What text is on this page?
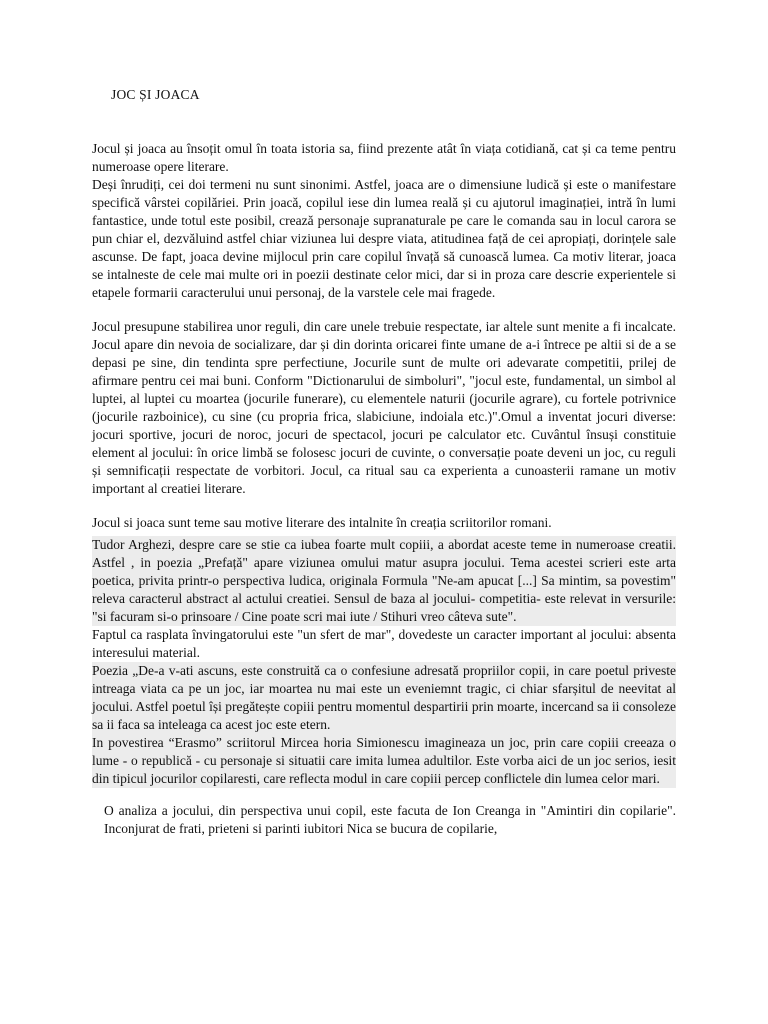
JOC ȘI JOACA

Jocul și joaca au însoțit omul în toata istoria sa, fiind prezente atât în viața cotidiană, cat și ca teme pentru numeroase opere literare.

Deși înrudiți, cei doi termeni nu sunt sinonimi. Astfel, joaca are o dimensiune ludică și este o manifestare specifică vârstei copilăriei. Prin joacă, copilul iese din lumea reală și cu ajutorul imaginației, intră în lumi fantastice, unde totul este posibil, crează personaje supranaturale pe care le comanda sau in locul carora se pun chiar el, dezvăluind astfel chiar viziunea lui despre viata, atitudinea față de cei apropiați, dorințele sale ascunse. De fapt, joaca devine mijlocul prin care copilul învață să cunoască lumea. Ca motiv literar, joaca se intalneste de cele mai multe ori in poezii destinate celor mici, dar si in proza care descrie experientele si etapele formarii caracterului unui personaj, de la varstele cele mai fragede.

Jocul presupune stabilirea unor reguli, din care unele trebuie respectate, iar altele sunt menite a fi incalcate. Jocul apare din nevoia de socializare, dar și din dorinta oricarei finte umane de a-i întrece pe altii si de a se depasi pe sine, din tendinta spre perfectiune, Jocurile sunt de multe ori adevarate competitii, prilej de afirmare pentru cei mai buni. Conform "Dictionarului de simboluri", "jocul este, fundamental, un simbol al luptei, al luptei cu moartea (jocurile funerare), cu elementele naturii (jocurile agrare), cu fortele potrivnice (jocurile razboinice), cu sine (cu propria frica, slabiciune, indoiala etc.)".Omul a inventat jocuri diverse: jocuri sportive, jocuri de noroc, jocuri de spectacol, jocuri pe calculator etc. Cuvântul însuși constituie element al jocului: în orice limbă se folosesc jocuri de cuvinte, o conversație poate deveni un joc, cu reguli și semnificații respectate de vorbitori. Jocul, ca ritual sau ca experienta a cunoasterii ramane un motiv important al creatiei literare.

Jocul si joaca sunt teme sau motive literare des intalnite în creația scriitorilor romani.

Tudor Arghezi, despre care se stie ca iubea foarte mult copiii, a abordat aceste teme in numeroase creatii. Astfel , in poezia „Prefață" apare viziunea omului matur asupra jocului. Tema acestei scrieri este arta poetica, privita printr-o perspectiva ludica, originala Formula "Ne-am apucat [...] Sa mintim, sa povestim" releva caracterul abstract al actului creatiei. Sensul de baza al jocului- competitia- este relevat in versurile: "si facuram si-o prinsoare / Cine poate scri mai iute / Stihuri vreo câteva sute".

Faptul ca rasplata învingatorului este "un sfert de mar", dovedeste un caracter important al jocului: absenta interesului material.

Poezia „De-a v-ati ascuns, este construită ca o confesiune adresată propriilor copii, in care poetul priveste intreaga viata ca pe un joc, iar moartea nu mai este un eveniemnt tragic, ci chiar sfarșitul de neevitat al jocului. Astfel poetul își pregătește copiii pentru momentul despartirii prin moarte, incercand sa ii consoleze sa ii faca sa inteleaga ca acest joc este etern.

In povestirea “Erasmo” scriitorul Mircea horia Simionescu imagineaza un joc, prin care copiii creeaza o lume - o republică - cu personaje si situatii care imita lumea adultilor. Este vorba aici de un joc serios, iesit din tipicul jocurilor copilaresti, care reflecta modul in care copiii percep conflictele din lumea celor mari.

O analiza a jocului, din perspectiva unui copil, este facuta de Ion Creanga in "Amintiri din copilarie". Inconjurat de frati, prieteni si parinti iubitori Nica se bucura de copilarie,
